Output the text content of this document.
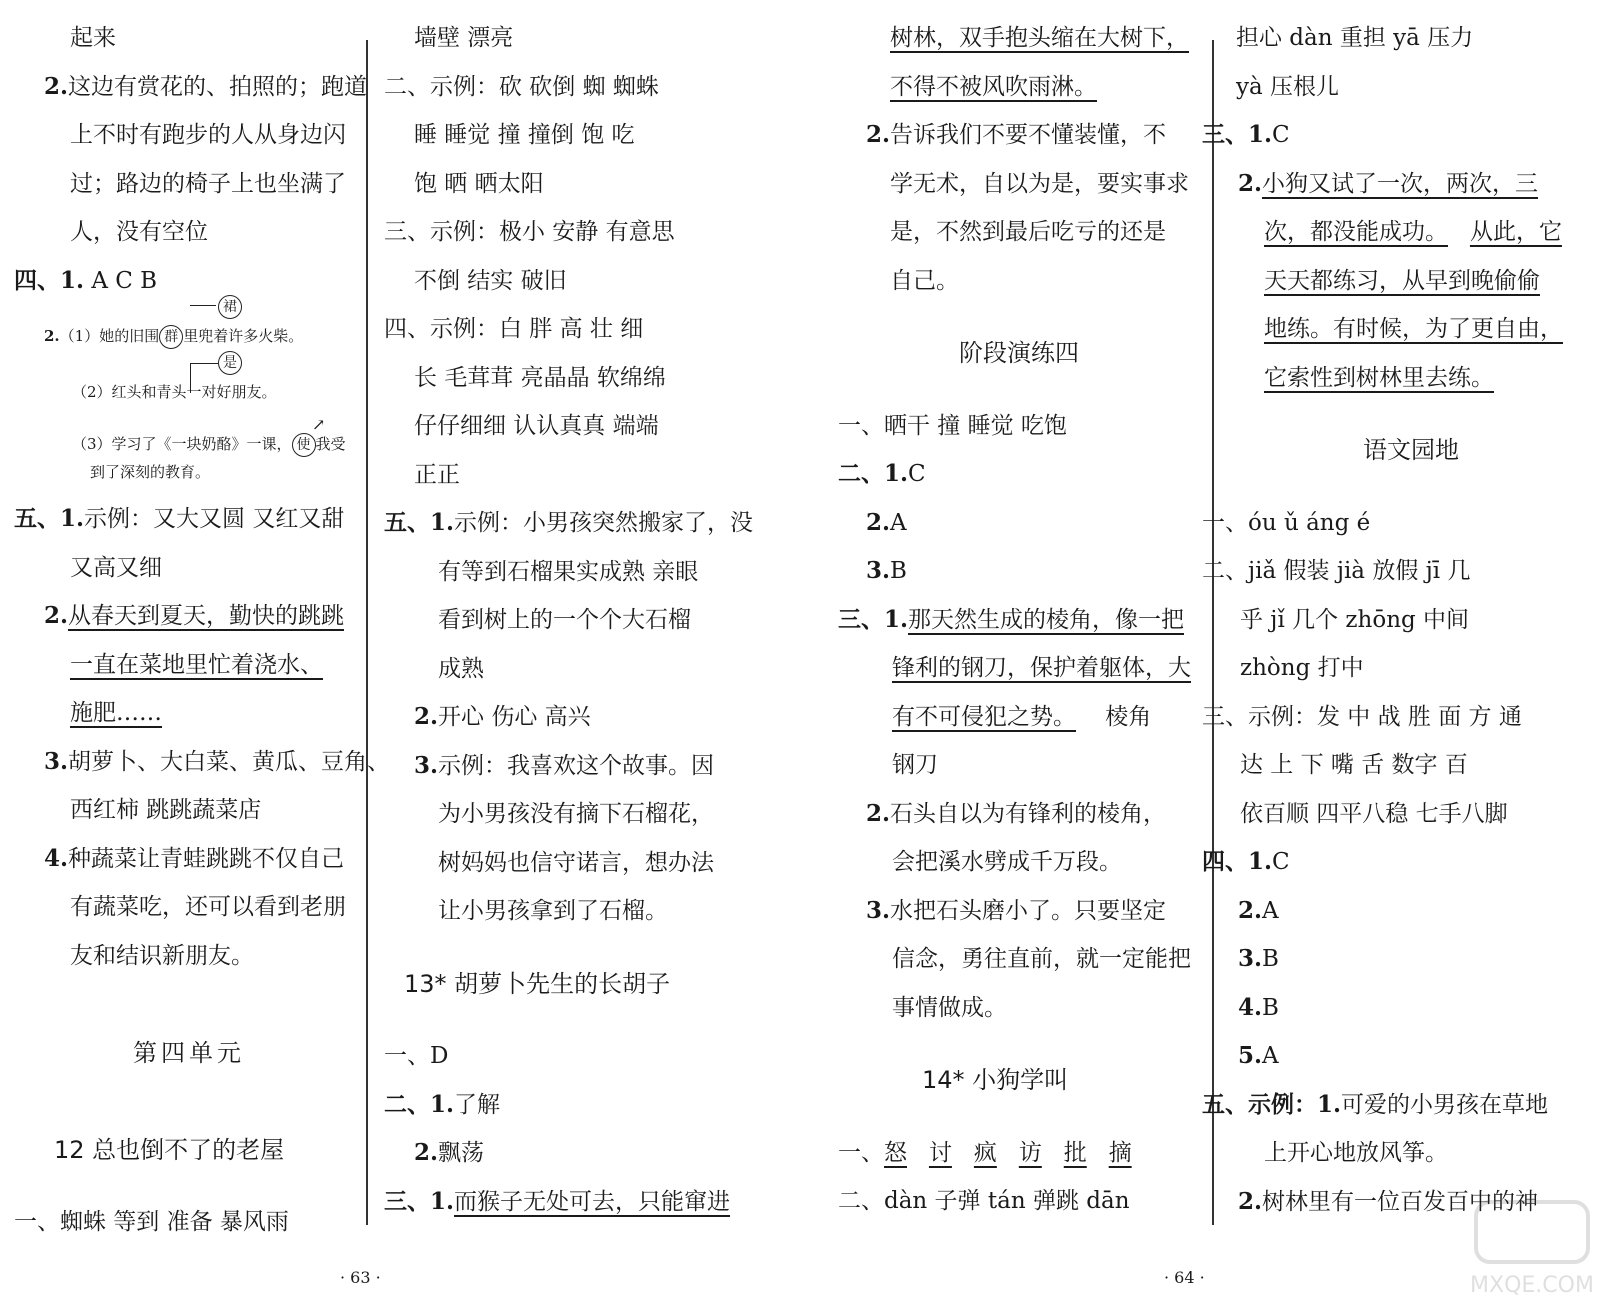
起来
2.这边有赏花的、拍照的；跑道
上不时有跑步的人从身边闪
过；路边的椅子上也坐满了
人，没有空位
四、1. A C B
裙
2.（1）她的旧围 群 里兜着许多火柴。
是
（2）红头和青头一对好朋友。
（3）学习了《一块奶酪》一课， 使 我受
到了深刻的教育。
↗
五、1.示例：又大又圆 又红又甜
又高又细
2.从春天到夏天，勤快的跳跳
一直在菜地里忙着浇水、
施肥……
3.胡萝卜、大白菜、黄瓜、豆角、
西红柿 跳跳蔬菜店
4.种蔬菜让青蛙跳跳不仅自己
有蔬菜吃，还可以看到老朋
友和结识新朋友。
第四单元
12 总也倒不了的老屋
一、蜘蛛 等到 准备 暴风雨
墙壁 漂亮
二、示例：砍 砍倒 蜘 蜘蛛
睡 睡觉 撞 撞倒 饱 吃
饱 晒 晒太阳
三、示例：极小 安静 有意思
不倒 结实 破旧
四、示例：白 胖 高 壮 细
长 毛茸茸 亮晶晶 软绵绵
仔仔细细 认认真真 端端
正正
五、1.示例：小男孩突然搬家了，没
有等到石榴果实成熟 亲眼
看到树上的一个个大石榴
成熟
2.开心 伤心 高兴
3.示例：我喜欢这个故事。因
为小男孩没有摘下石榴花，
树妈妈也信守诺言，想办法
让小男孩拿到了石榴。
13* 胡萝卜先生的长胡子
一、D
二、1.了解
2.飘荡
三、1.而猴子无处可去，只能窜进
树林，双手抱头缩在大树下，
不得不被风吹雨淋。
2.告诉我们不要不懂装懂，不
学无术，自以为是，要实事求
是，不然到最后吃亏的还是
自己。
阶段演练四
一、晒干 撞 睡觉 吃饱
二、1.C
2.A
3.B
三、1.那天然生成的棱角，像一把
锋利的钢刀，保护着躯体，大
有不可侵犯之势。 棱角
钢刀
2.石头自以为有锋利的棱角，
会把溪水劈成千万段。
3.水把石头磨小了。只要坚定
信念，勇往直前，就一定能把
事情做成。
14* 小狗学叫
一、怒 讨 疯 访 批 摘
二、dàn 子弹 tán 弹跳 dān
担心 dàn 重担 yā 压力
yà 压根儿
三、1.C
2.小狗又试了一次，两次，三
次，都没能成功。 从此，它
天天都练习，从早到晚偷偷
地练。有时候，为了更自由，
它索性到树林里去练。
语文园地
一、óu ǔ áng é
二、jiǎ 假装 jià 放假 jī 几
乎 jǐ 几个 zhōng 中间
zhòng 打中
三、示例：发 中 战 胜 面 方 通
达 上 下 嘴 舌 数字 百
依百顺 四平八稳 七手八脚
四、1.C
2.A
3.B
4.B
5.A
五、示例：1.可爱的小男孩在草地
上开心地放风筝。
2.树林里有一位百发百中的神
· 63 ·	· 64 ·	MXQE.COM
